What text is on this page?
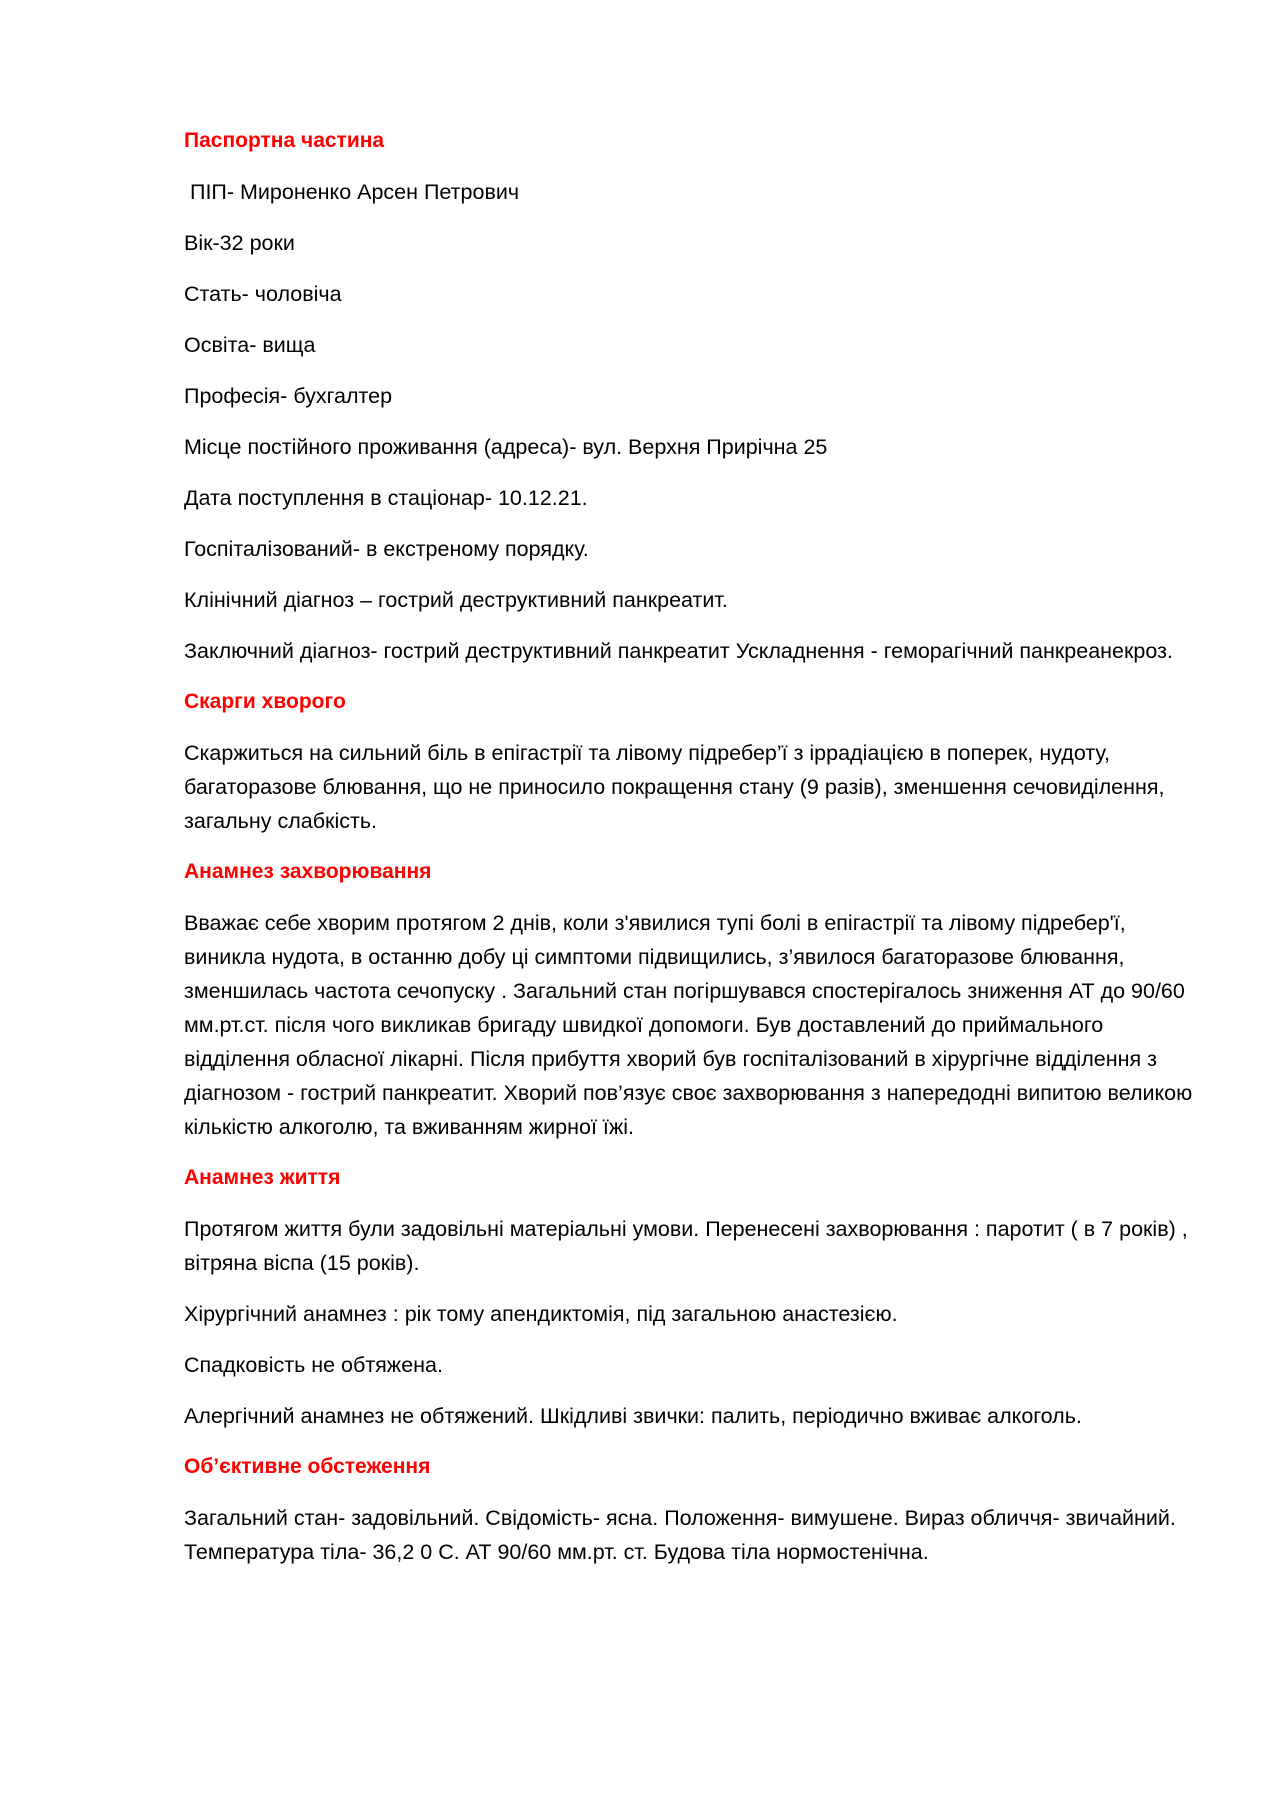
Паспортна частина
ПІП- Мироненко Арсен Петрович
Вік-32 роки
Стать- чоловіча
Освіта- вища
Професія- бухгалтер
Місце постійного проживання (адреса)- вул. Верхня Прирічна 25
Дата поступлення в стаціонар- 10.12.21.
Госпіталізований- в екстреному порядку.
Клінічний діагноз – гострий деструктивний панкреатит.
Заключний діагноз- гострий деструктивний панкреатит Ускладнення - геморагічний панкреанекроз.
Скарги хворого
Скаржиться на сильний біль в епігастрії та лівому підребер’ї з іррадіацією в поперек, нудоту, багаторазове блювання, що не приносило покращення стану (9 разів), зменшення сечовиділення, загальну слабкість.
Анамнез захворювання
Вважає себе хворим протягом 2 днів, коли з'явилися тупі болі в епігастрії та лівому підребер'ї, виникла нудота, в останню добу ці симптоми підвищились, з’явилося багаторазове блювання, зменшилась частота сечопуску . Загальний стан погіршувався спостерігалось зниження АТ до 90/60 мм.рт.ст. після чого викликав бригаду швидкої допомоги. Був доставлений до приймального відділення обласної лікарні. Після прибуття хворий був госпіталізований в хірургічне відділення з діагнозом - гострий панкреатит. Хворий пов’язує своє захворювання з напередодні випитою великою кількістю алкоголю, та вживанням жирної їжі.
Анамнез життя
Протягом життя були задовільні матеріальні умови. Перенесені захворювання : паротит ( в 7 років) , вітряна віспа (15 років).
Хірургічний анамнез : рік тому апендиктомія, під загальною анастезією.
Спадковість не обтяжена.
Алергічний анамнез не обтяжений. Шкідливі звички: палить, періодично вживає алкоголь.
Об’єктивне обстеження
Загальний стан- задовільний. Свідомість- ясна. Положення- вимушене. Вираз обличчя- звичайний. Температура тіла- 36,2 0 С. АТ 90/60 мм.рт. ст. Будова тіла нормостенічна.
